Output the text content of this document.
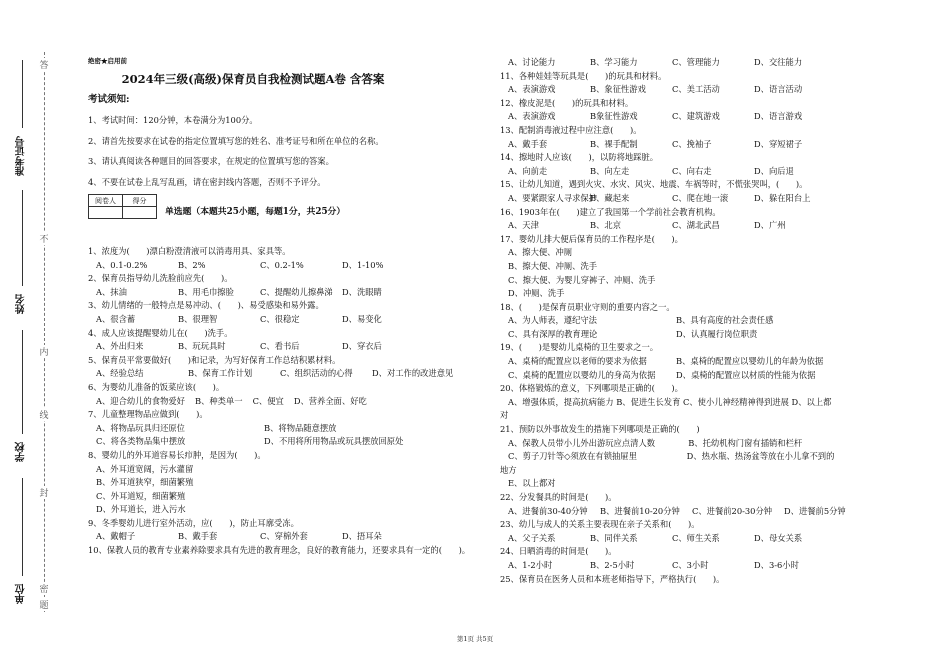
答
不
内
线
封
密
题
准考证号
姓名
学校
单位
绝密★启用前
2024年三级(高级)保育员自我检测试题A卷 含答案
考试须知:
1、考试时间：120分钟，本卷满分为100分。
2、请首先按要求在试卷的指定位置填写您的姓名、准考证号和所在单位的名称。
3、请认真阅读各种题目的回答要求，在规定的位置填写您的答案。
4、不要在试卷上乱写乱画，请在密封线内答题，否则不予评分。
阅卷人	得分

单选题（本题共25小题，每题1分，共25分）
1、浓度为(　　)漂白粉澄清液可以消毒用具、家具等。
A、0.1-0.2%	B、2%	C、0.2-1%	D、1-10%
2、保育员指导幼儿洗脸前应先(　　)。
A、抹油	B、用毛巾擦脸	C、提醒幼儿擦鼻涕 D、洗眼睛
3、幼儿情绪的一般特点是易冲动、(　　)、易受感染和易外露。
A、很含蓄	B、很理智	C、很稳定	D、易变化
4、成人应该提醒婴幼儿在(　　)洗手。
A、外出归来	B、玩玩具时	C、看书后	D、穿衣后
5、保育员平常要做好(　　)和记录，为写好保育工作总结积累材料。
A、经验总结	B、保育工作计划	C、组织活动的心得 D、对工作的改进意见
6、为婴幼儿准备的饭菜应该(　　)。
A、迎合幼儿的食物爱好 B、种类单一 C、便宜 D、营养全面、好吃
7、儿童整理物品应做到(　　)。
A、将物品玩具归还原位	B、将物品随意摆放
C、将各类物品集中摆放	D、不用将所用物品或玩具摆放回原处
8、婴幼儿的外耳道容易长疖肿，是因为(　　)。
A、外耳道宽阔，污水灌留
B、外耳道狭窄，细菌繁殖
C、外耳道短，细菌繁殖
D、外耳道长，进入污水
9、冬季婴幼儿进行室外活动，应(　　)，防止耳廓受冻。
A、戴帽子	B、戴手套	C、穿棉外套	D、捂耳朵
10、保教人员的教育专业素养除要求具有先进的教育理念，良好的教育能力，还要求具有一定的(　　)。
A、讨论能力	B、学习能力	C、管理能力	D、交往能力
11、各种娃娃等玩具是(　　)的玩具和材料。
A、表演游戏	B、象征性游戏	C、美工活动	D、语言活动
12、橡皮泥是(　　)的玩具和材料。
A、表演游戏	B象征性游戏	C、建筑游戏	D、语言游戏
13、配制消毒液过程中应注意(　　)。
A、戴手套	B、裸手配制	C、挽袖子	D、穿短裙子
14、擦地时人应该(　　)，以防将地踩脏。
A、向前走	B、向左走	C、向右走	D、向后退
15、让幼儿知道，遇到火灾、水灾、风灾、地震、车祸等时，不慌张哭叫，(　　)。
A、要紧跟家人寻求保护B、藏起来	C、爬在地一滚	D、躲在阳台上
16、1903年在(　　)建立了我国第一个学前社会教育机构。
A、天津	B、北京	C、湖北武昌	D、广州
17、婴幼儿排大便后保育员的工作程序是(　　)。
A、擦大便、冲厕
B、擦大便、冲厕、洗手
C、擦大便、为婴儿穿裤子、冲厕、洗手
D、冲厕、洗手
18、(　　)是保育员职业守则的重要内容之一。
A、为人师表，遵纪守法	B、具有高度的社会责任感
C、具有深厚的教育理论	D、认真履行岗位职责
19、(　　)是婴幼儿桌椅的卫生要求之一。
A、桌椅的配置应以老师的要求为依据	B、桌椅的配置应以婴幼儿的年龄为依据
C、桌椅的配置应以婴幼儿的身高为依据 D、桌椅的配置应以材质的性能为依据
20、体格锻炼的意义，下列哪项是正确的(　　)。
A、增强体质，提高抗病能力 B、促进生长发育 C、使小儿神经精神得到进展 D、以上都
对
21、预防以外事故发生的措施下列哪项是正确的(　　)
A、保教人员带小儿外出游玩应点清人数　　　　B、托幼机构门窗有插销和栏杆
C、剪子刀针等◇须放在有锁抽屉里　　　　　　D、热水瓶、热汤盆等放在小儿拿不到的
地方
E、以上都对
22、分发餐具的时间是(　　)。
A、进餐前30-40分钟 B、进餐前10-20分钟 C、进餐前20-30分钟 D、进餐前5分钟
23、幼儿与成人的关系主要表现在亲子关系和(　　)。
A、父子关系	B、同伴关系	C、师生关系	D、母女关系
24、日晒消毒的时间是(　　)。
A、1-2小时	B、2-5小时	C、3小时	D、3-6小时
25、保育员在医务人员和本班老师指导下，严格执行(　　)。
第1页 共5页
